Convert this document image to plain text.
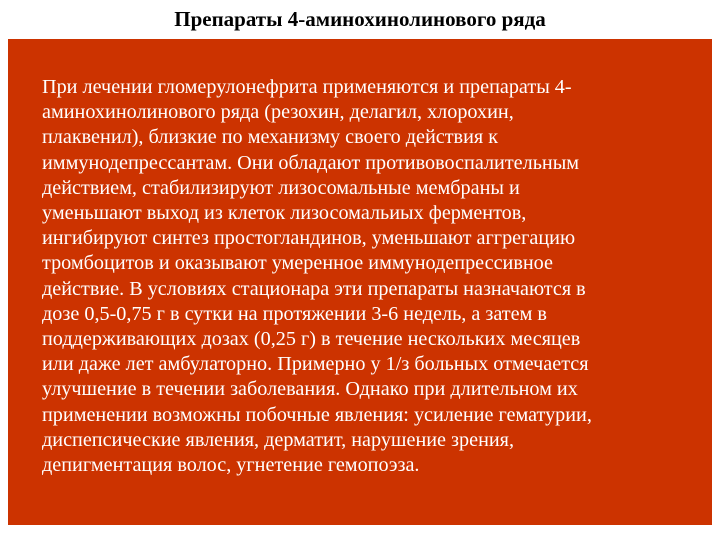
Препараты 4-аминохинолинового ряда

При лечении гломерулонефрита применяются и препараты 4-
аминохинолинового ряда (резохин, делагил, хлорохин,
плаквенил), близкие по механизму своего действия к
иммунодепрессантам. Они обладают противовоспалительным
действием, стабилизируют лизосомальные мембраны и
уменьшают выход из клеток лизосомальиых ферментов,
ингибируют синтез простогландинов, уменьшают аггрегацию
тромбоцитов и оказывают умеренное иммунодепрессивное
действие. В условиях стационара эти препараты назначаются в
дозе 0,5-0,75 г в сутки на протяжении 3-6 недель, а затем в
поддерживающих дозах (0,25 г) в течение нескольких месяцев
или даже лет амбулаторно. Примерно у 1/з больных отмечается
улучшение в течении заболевания. Однако при длительном их
применении возможны побочные явления: усиление гематурии,
диспепсические явления, дерматит, нарушение зрения,
депигментация волос, угнетение гемопоэза.
